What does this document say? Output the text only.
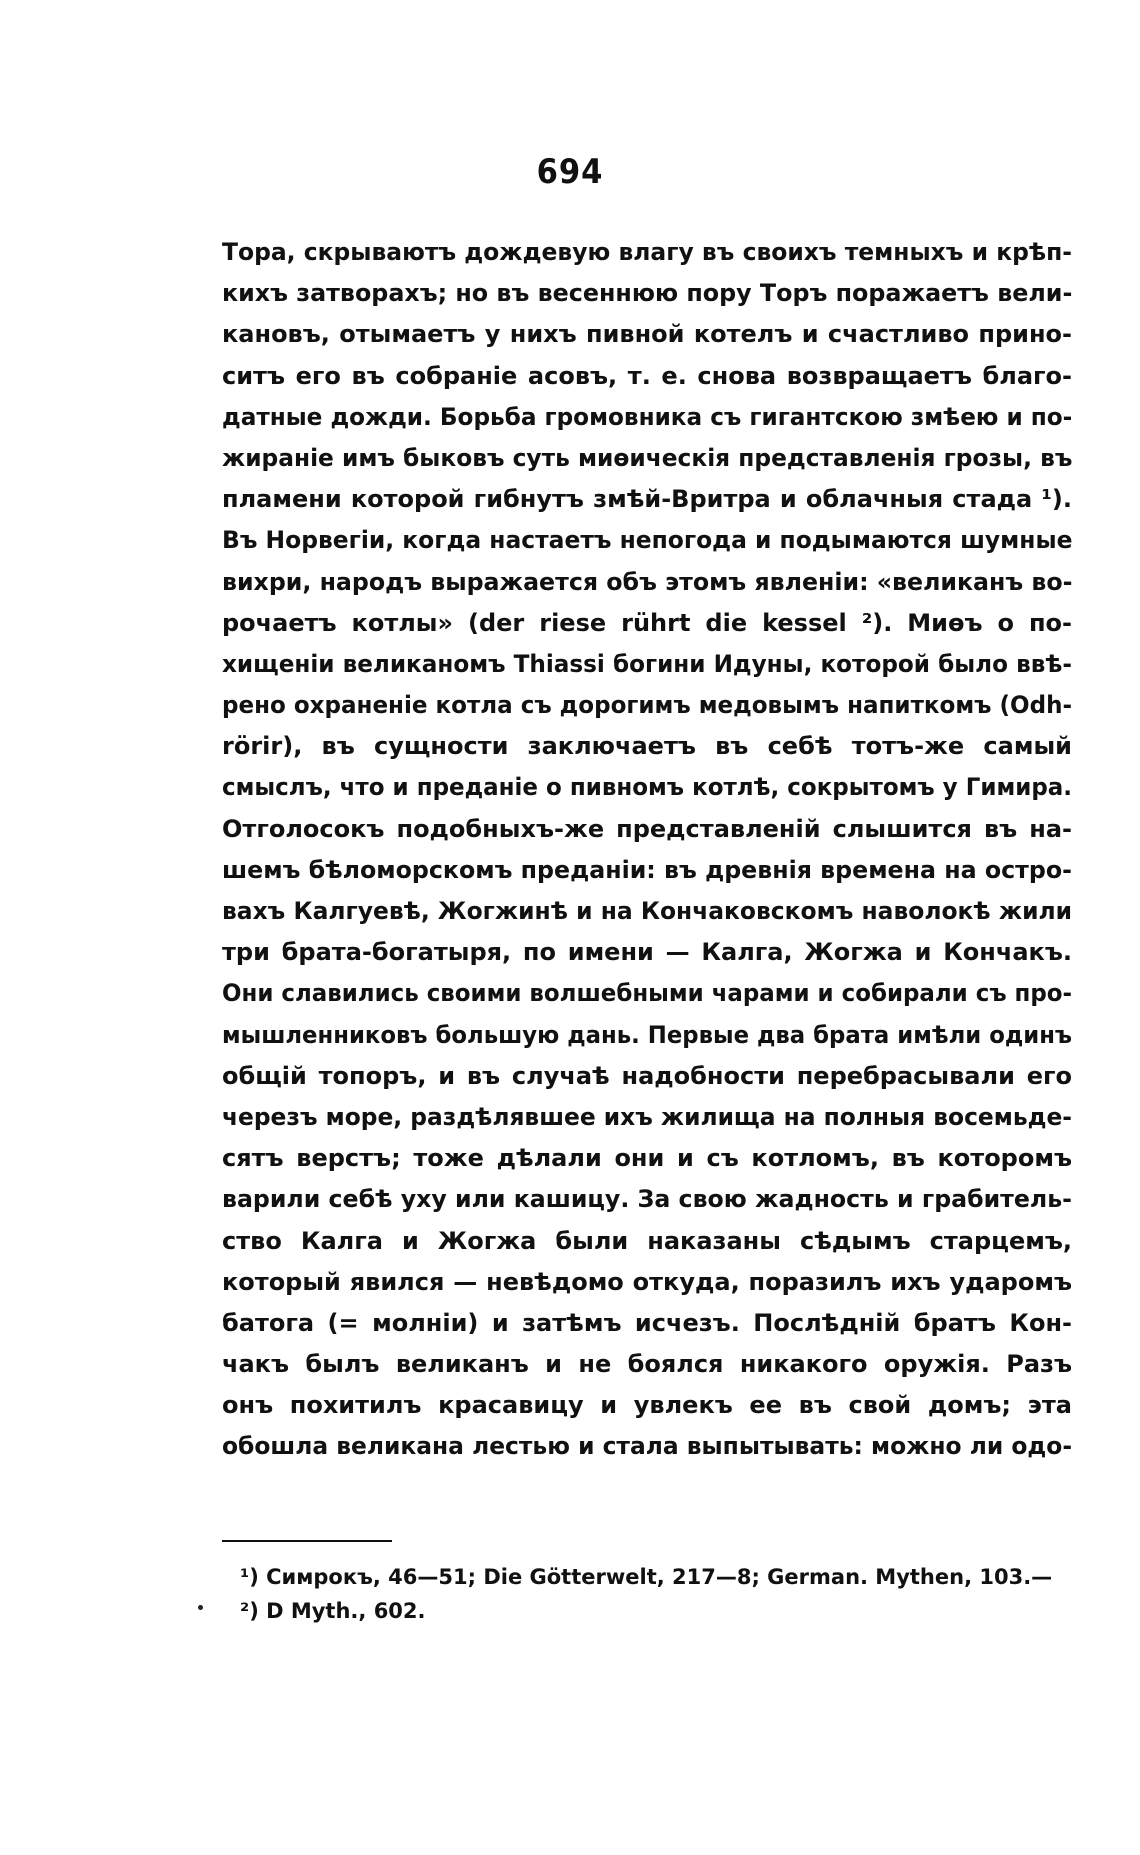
694
Тора, скрываютъ дождевую влагу въ своихъ темныхъ и крѣп-
кихъ затворахъ; но въ весеннюю пору Торъ поражаетъ вели-
кановъ, отымаетъ у нихъ пивной котелъ и счастливо прино-
ситъ его въ собраніе асовъ, т. е. снова возвращаетъ благо-
датные дожди. Борьба громовника съ гигантскою змѣею и по-
жираніе имъ быковъ суть миѳическія представленія грозы, въ
пламени которой гибнутъ змѣй-Вритра и облачныя стада ¹).
Въ Норвегіи, когда настаетъ непогода и подымаются шумные
вихри, народъ выражается объ этомъ явленіи: «великанъ во-
рочаетъ котлы» (der riese rührt die kessel ²). Миѳъ о по-
хищеніи великаномъ Thiassi богини Идуны, которой было ввѣ-
рено охраненіе котла съ дорогимъ медовымъ напиткомъ (Odh-
rörir), въ сущности заключаетъ въ себѣ тотъ-же самый
смыслъ, что и преданіе о пивномъ котлѣ, сокрытомъ у Гимира.
Отголосокъ подобныхъ-же представленій слышится въ на-
шемъ бѣломорскомъ преданіи: въ древнія времена на остро-
вахъ Калгуевѣ, Жогжинѣ и на Кончаковскомъ наволокѣ жили
три брата-богатыря, по имени — Калга, Жогжа и Кончакъ.
Они славились своими волшебными чарами и собирали съ про-
мышленниковъ большую дань. Первые два брата имѣли одинъ
общій топоръ, и въ случаѣ надобности перебрасывали его
черезъ море, раздѣлявшее ихъ жилища на полныя восемьде-
сятъ верстъ; тоже дѣлали они и съ котломъ, въ которомъ
варили себѣ уху или кашицу. За свою жадность и грабитель-
ство Калга и Жогжа были наказаны сѣдымъ старцемъ,
который явился — невѣдомо откуда, поразилъ ихъ ударомъ
батога (= молніи) и затѣмъ исчезъ. Послѣдній братъ Кон-
чакъ былъ великанъ и не боялся никакого оружія. Разъ
онъ похитилъ красавицу и увлекъ ее въ свой домъ; эта
обошла великана лестью и стала выпытывать: можно ли одо-
¹) Симрокъ, 46—51; Die Götterwelt, 217—8; German. Mythen, 103.—
²) D Myth., 602.
